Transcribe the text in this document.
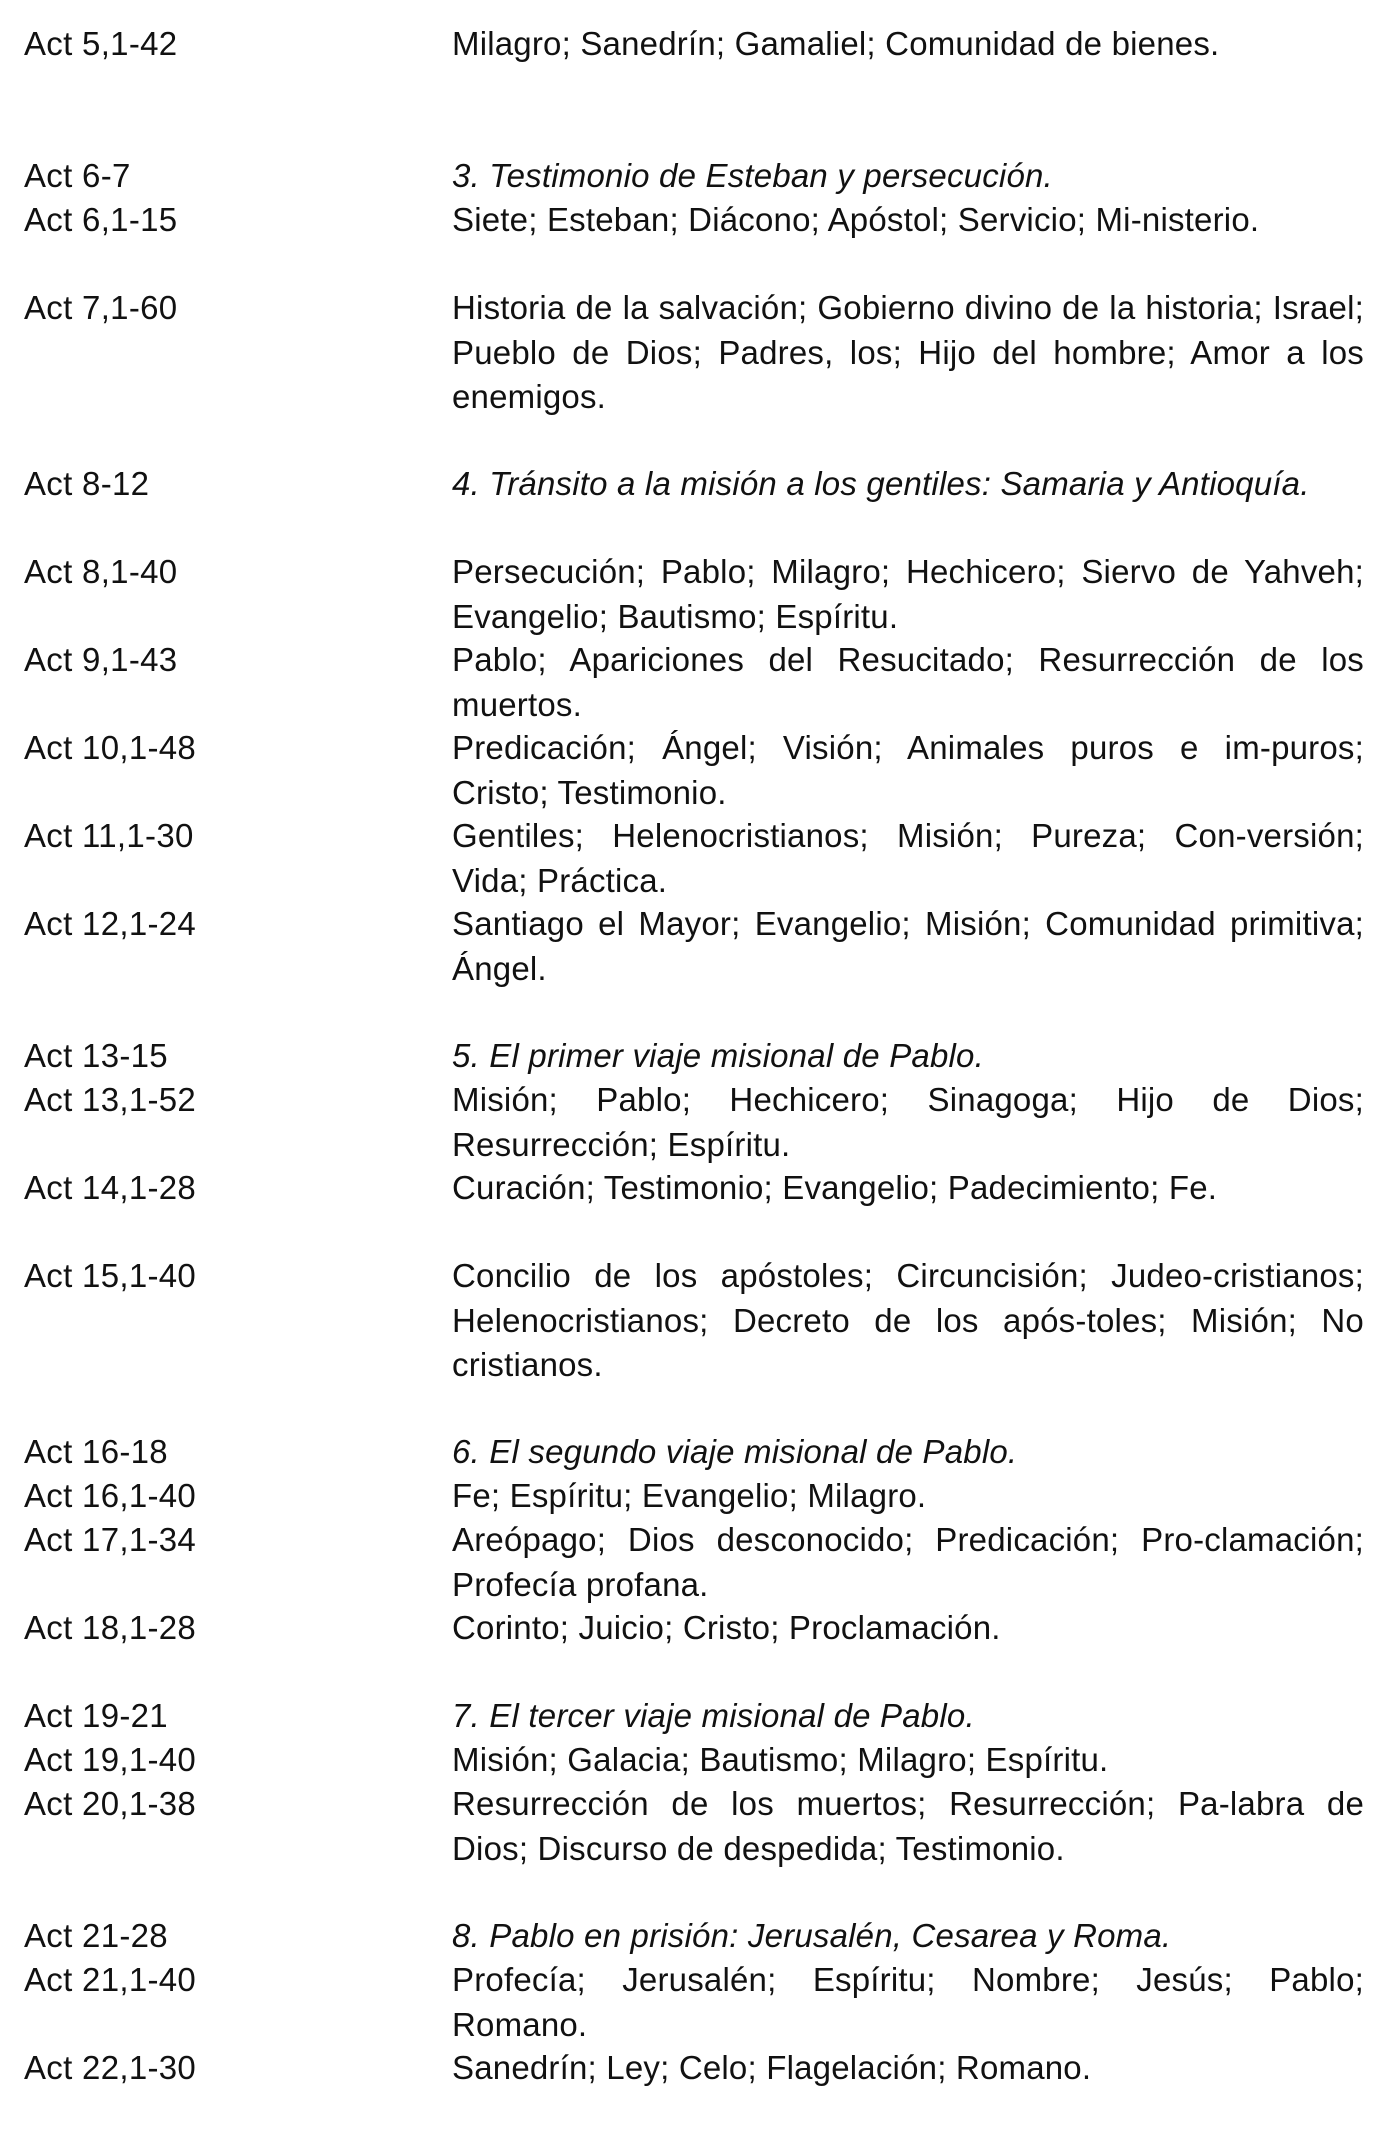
Act 5,1-42	Milagro; Sanedrín; Gamaliel; Comunidad de bienes.
Act 6-7	3. Testimonio de Esteban y persecución.
Act 6,1-15	Siete; Esteban; Diácono; Apóstol; Servicio; Mi-nisterio.
Act 7,1-60	Historia de la salvación; Gobierno divino de la historia; Israel; Pueblo de Dios; Padres, los; Hijo del hombre; Amor a los enemigos.
Act 8-12	4. Tránsito a la misión a los gentiles: Samaria y Antioquía.
Act 8,1-40	Persecución; Pablo; Milagro; Hechicero; Siervo de Yahveh; Evangelio; Bautismo; Espíritu.
Act 9,1-43	Pablo; Apariciones del Resucitado; Resurrección de los muertos.
Act 10,1-48	Predicación; Ángel; Visión; Animales puros e im-puros; Cristo; Testimonio.
Act 11,1-30	Gentiles; Helenocristianos; Misión; Pureza; Con-versión; Vida; Práctica.
Act 12,1-24	Santiago el Mayor; Evangelio; Misión; Comunidad primitiva; Ángel.
Act 13-15	5. El primer viaje misional de Pablo.
Act 13,1-52	Misión; Pablo; Hechicero; Sinagoga; Hijo de Dios; Resurrección; Espíritu.
Act 14,1-28	Curación; Testimonio; Evangelio; Padecimiento; Fe.
Act 15,1-40	Concilio de los apóstoles; Circuncisión; Judeo-cristianos; Helenocristianos; Decreto de los após-toles; Misión; No cristianos.
Act 16-18	6. El segundo viaje misional de Pablo.
Act 16,1-40	Fe; Espíritu; Evangelio; Milagro.
Act 17,1-34	Areópago; Dios desconocido; Predicación; Pro-clamación; Profecía profana.
Act 18,1-28	Corinto; Juicio; Cristo; Proclamación.
Act 19-21	7. El tercer viaje misional de Pablo.
Act 19,1-40	Misión; Galacia; Bautismo; Milagro; Espíritu.
Act 20,1-38	Resurrección de los muertos; Resurrección; Pa-labra de Dios; Discurso de despedida; Testimonio.
Act 21-28	8. Pablo en prisión: Jerusalén, Cesarea y Roma.
Act 21,1-40	Profecía; Jerusalén; Espíritu; Nombre; Jesús; Pablo; Romano.
Act 22,1-30	Sanedrín; Ley; Celo; Flagelación; Romano.
